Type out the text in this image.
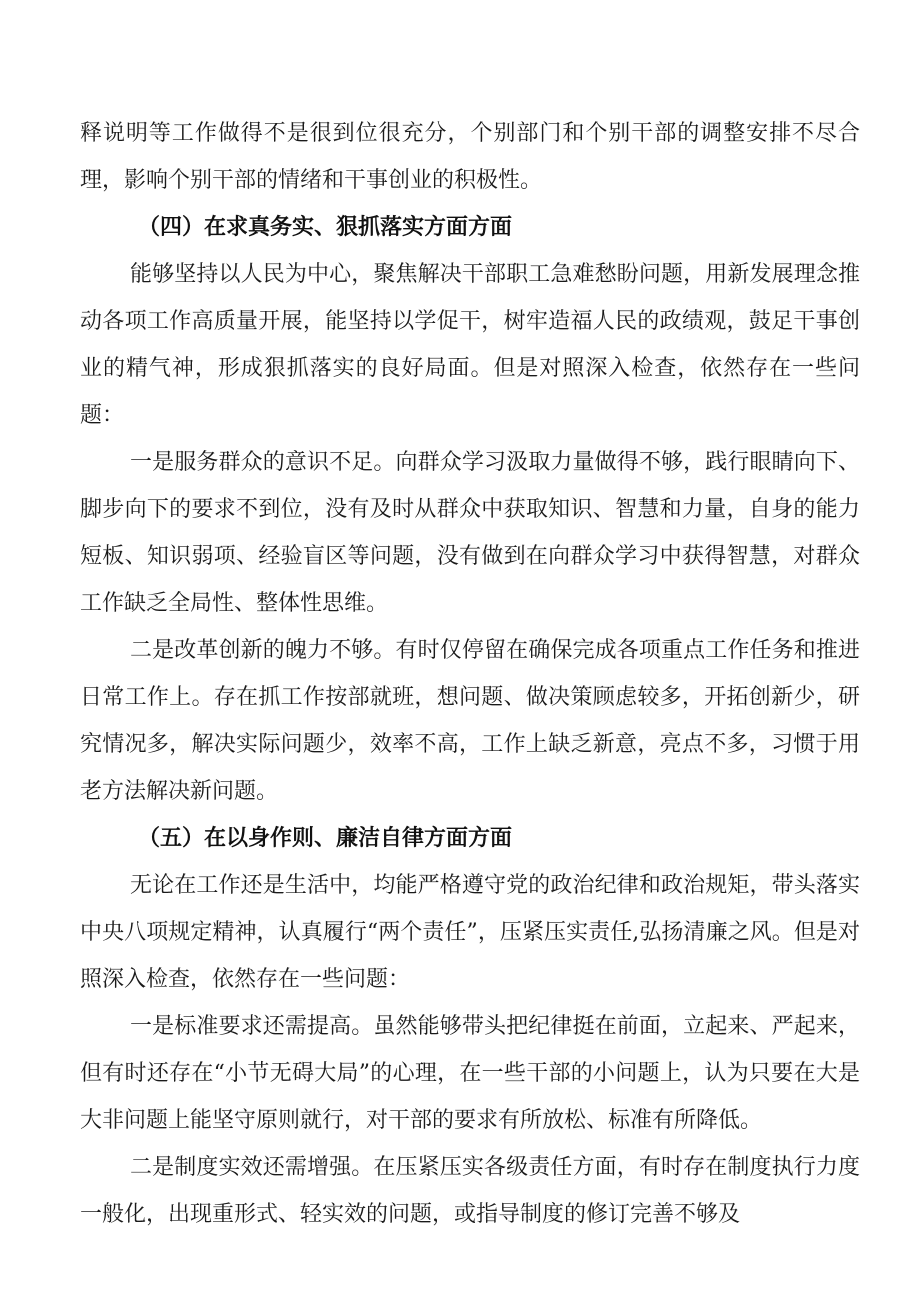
释说明等工作做得不是很到位很充分，个别部门和个别干部的调整安排不尽合理，影响个别干部的情绪和干事创业的积极性。

（四）在求真务实、狠抓落实方面方面

能够坚持以人民为中心，聚焦解决干部职工急难愁盼问题，用新发展理念推动各项工作高质量开展，能坚持以学促干，树牢造福人民的政绩观，鼓足干事创业的精气神，形成狠抓落实的良好局面。但是对照深入检查，依然存在一些问题：

一是服务群众的意识不足。向群众学习汲取力量做得不够，践行眼睛向下、脚步向下的要求不到位，没有及时从群众中获取知识、智慧和力量，自身的能力短板、知识弱项、经验盲区等问题，没有做到在向群众学习中获得智慧，对群众工作缺乏全局性、整体性思维。

二是改革创新的魄力不够。有时仅停留在确保完成各项重点工作任务和推进日常工作上。存在抓工作按部就班，想问题、做决策顾虑较多，开拓创新少，研究情况多，解决实际问题少，效率不高，工作上缺乏新意，亮点不多，习惯于用老方法解决新问题。

（五）在以身作则、廉洁自律方面方面

无论在工作还是生活中，均能严格遵守党的政治纪律和政治规矩，带头落实中央八项规定精神，认真履行“两个责任”，压紧压实责任,弘扬清廉之风。但是对照深入检查，依然存在一些问题：

一是标准要求还需提高。虽然能够带头把纪律挺在前面，立起来、严起来，但有时还存在“小节无碍大局”的心理，在一些干部的小问题上，认为只要在大是大非问题上能坚守原则就行，对干部的要求有所放松、标准有所降低。

二是制度实效还需增强。在压紧压实各级责任方面，有时存在制度执行力度一般化，出现重形式、轻实效的问题，或指导制度的修订完善不够及
